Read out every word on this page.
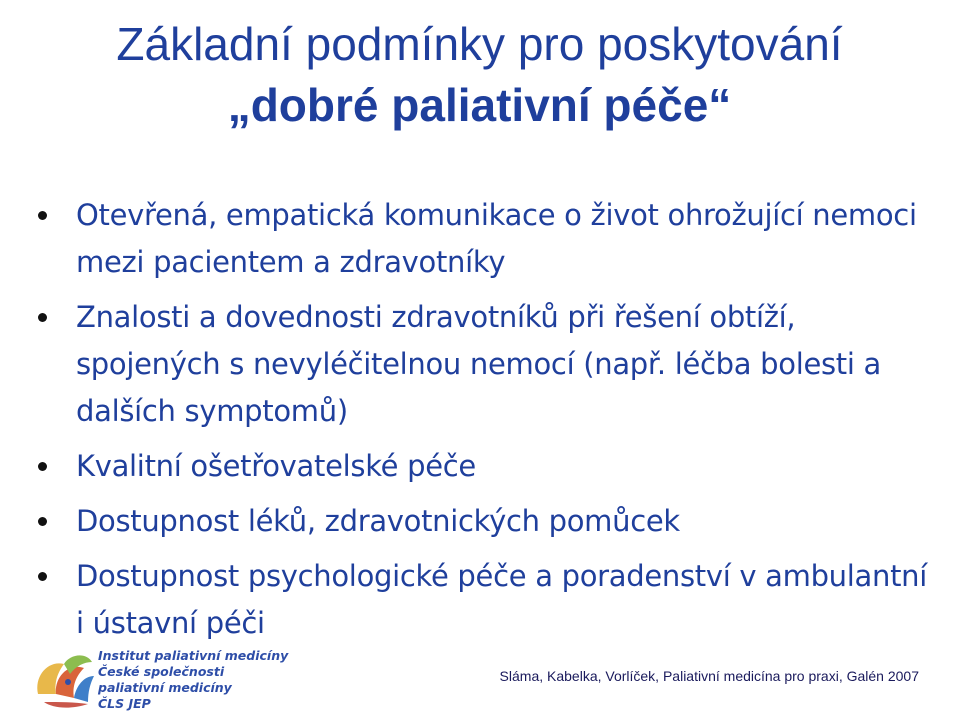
Základní podmínky pro poskytování
„dobré paliativní péče“
Otevřená, empatická komunikace o život ohrožující nemoci mezi pacientem a zdravotníky
Znalosti a dovednosti zdravotníků při řešení obtíží, spojených s nevyléčitelnou nemocí (např. léčba bolesti a dalších symptomů)
Kvalitní ošetřovatelské péče
Dostupnost léků, zdravotnických pomůcek
Dostupnost psychologické péče a poradenství v ambulantní i ústavní péči
Institut paliativní medicíny
České společnosti
paliativní medicíny
ČLS JEP
Sláma, Kabelka, Vorlíček, Paliativní medicína pro praxi, Galén 2007
